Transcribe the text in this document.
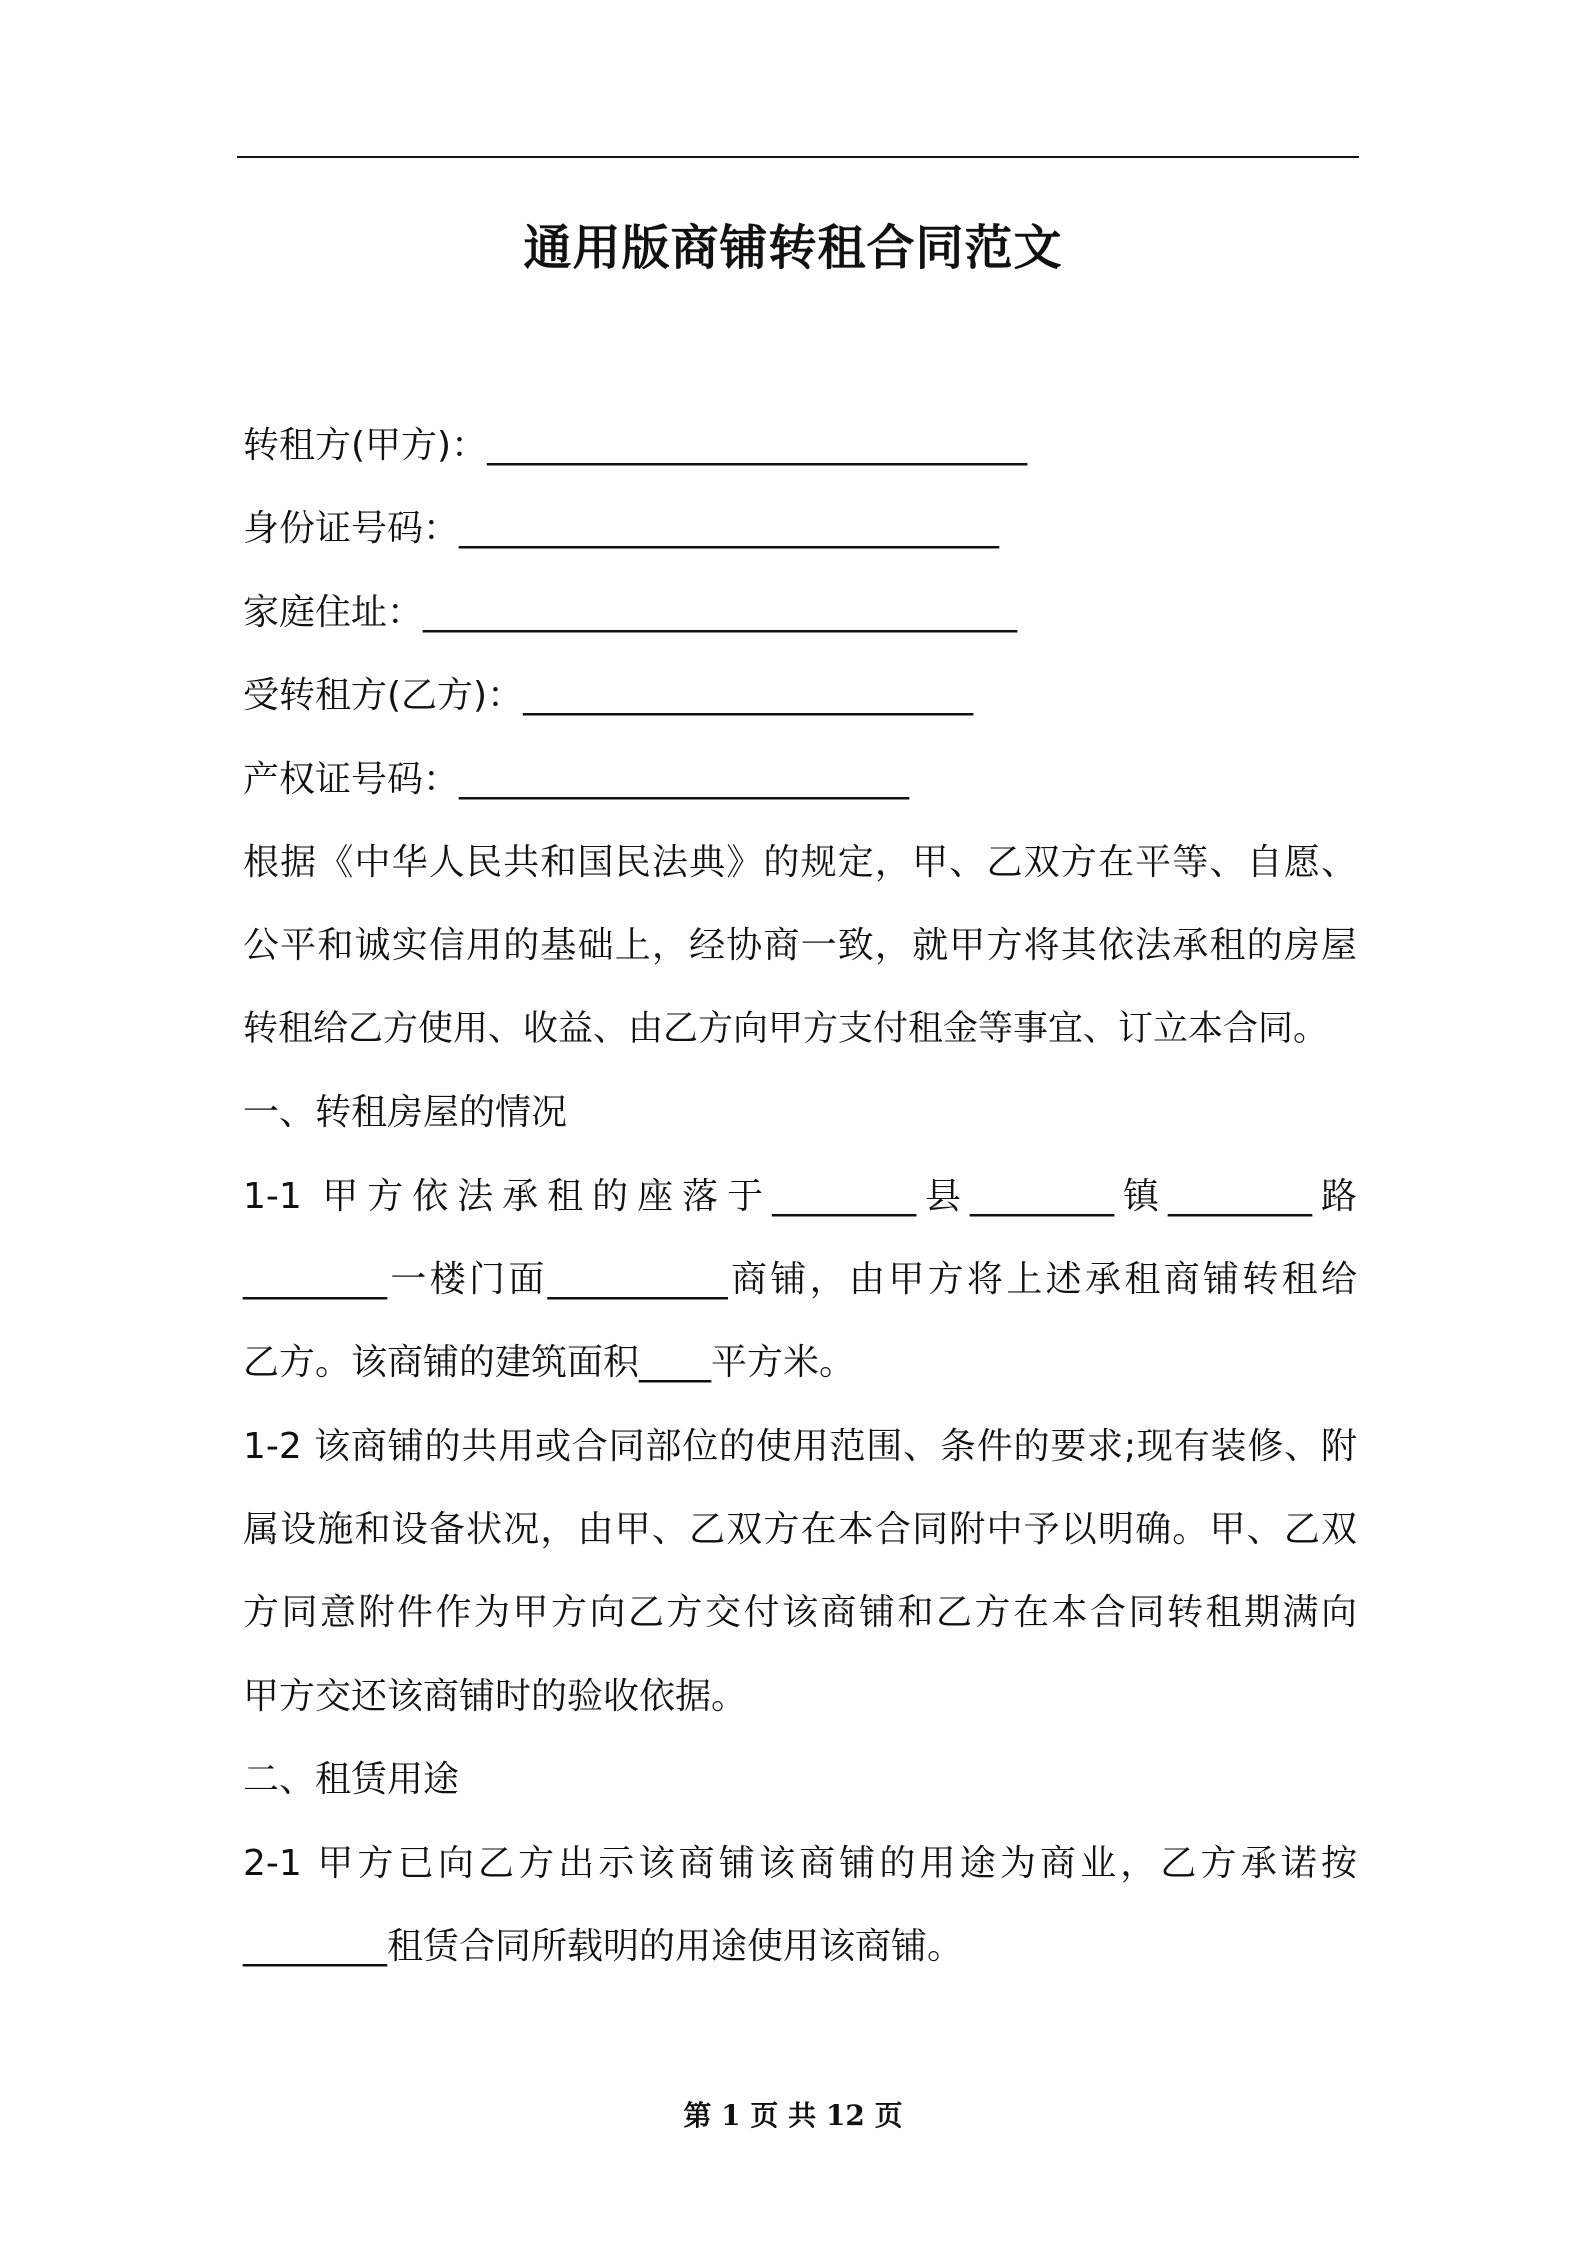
通用版商铺转租合同范文
转租方(甲方)：______________________________
身份证号码：______________________________
家庭住址：_________________________________
受转租方(乙方)：_________________________
产权证号码：_________________________
根据《中华人民共和国民法典》的规定，甲、乙双方在平等、自愿、
公平和诚实信用的基础上，经协商一致，就甲方将其依法承租的房屋
转租给乙方使用、收益、由乙方向甲方支付租金等事宜、订立本合同。
一、转租房屋的情况
1-1 甲方依法承租的座落于________县________镇________路
________一楼门面__________商铺，由甲方将上述承租商铺转租给
乙方。该商铺的建筑面积____平方米。
1-2 该商铺的共用或合同部位的使用范围、条件的要求;现有装修、附
属设施和设备状况，由甲、乙双方在本合同附中予以明确。甲、乙双
方同意附件作为甲方向乙方交付该商铺和乙方在本合同转租期满向
甲方交还该商铺时的验收依据。
二、租赁用途
2-1 甲方已向乙方出示该商铺该商铺的用途为商业，乙方承诺按
________租赁合同所载明的用途使用该商铺。
第 1 页 共 12 页
